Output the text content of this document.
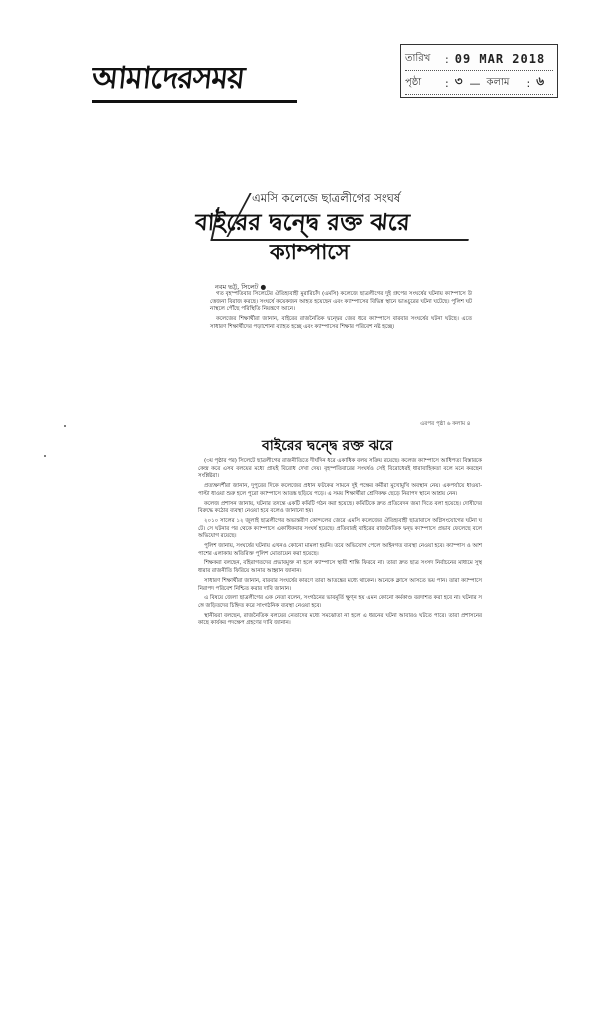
আমাদেরসময়
তারিখ	: 09 MAR 2018
পৃষ্ঠা	: ৩ — কলাম	: ৬
এমসি কলেজে ছাত্রলীগের সংঘর্ষ
বাইরের দ্বন্দ্বে রক্ত ঝরে
ক্যাম্পাসে
নবম ভট্ট, সিলেট ●

গত বৃহস্পতিবার সিলেটের ঐতিহ্যবাহী মুরারিচাঁদ (এমসি) কলেজে ছাত্রলীগের দুই গ্রুপের সংঘর্ষের ঘটনায় ক্যাম্পাসে উত্তেজনা বিরাজ করছে। সংঘর্ষে কয়েকজন আহত হয়েছেন এবং ক্যাম্পাসের বিভিন্ন স্থানে ভাঙচুরের ঘটনা ঘটেছে। পুলিশ ঘটনাস্থলে পৌঁছে পরিস্থিতি নিয়ন্ত্রণে আনে।

কলেজের শিক্ষার্থীরা জানান, বাইরের রাজনৈতিক দ্বন্দ্বের জের ধরে ক্যাম্পাসে বারবার সংঘর্ষের ঘটনা ঘটছে। এতে সাধারণ শিক্ষার্থীদের পড়াশোনা ব্যাহত হচ্ছে এবং ক্যাম্পাসের শিক্ষার পরিবেশ নষ্ট হচ্ছে।

এরপর পৃষ্ঠা ৬ কলাম ৪
বাইরের দ্বন্দ্বে রক্ত ঝরে

(৩য় পৃষ্ঠার পর) সিলেটে ছাত্রলীগের রাজনীতিতে দীর্ঘদিন ধরে একাধিক বলয় সক্রিয় রয়েছে। কলেজ ক্যাম্পাসে আধিপত্য বিস্তারকে কেন্দ্র করে এসব বলয়ের মধ্যে প্রায়ই বিরোধ দেখা দেয়। বৃহস্পতিবারের সংঘর্ষও সেই বিরোধেরই ধারাবাহিকতা বলে মনে করছেন সংশ্লিষ্টরা।

প্রত্যক্ষদর্শীরা জানান, দুপুরের দিকে কলেজের প্রধান ফটকের সামনে দুই পক্ষের কর্মীরা মুখোমুখি অবস্থান নেয়। একপর্যায়ে ধাওয়া-পাল্টা ধাওয়া শুরু হলে পুরো ক্যাম্পাসে আতঙ্ক ছড়িয়ে পড়ে। এ সময় শিক্ষার্থীরা শ্রেণিকক্ষ ছেড়ে নিরাপদ স্থানে আশ্রয় নেন।

কলেজ প্রশাসন জানায়, ঘটনার তদন্তে একটি কমিটি গঠন করা হয়েছে। কমিটিকে দ্রুত প্রতিবেদন জমা দিতে বলা হয়েছে। দোষীদের বিরুদ্ধে কঠোর ব্যবস্থা নেওয়া হবে বলেও জানানো হয়।

২০১০ সালের ১২ জুলাই ছাত্রলীগের অভ্যন্তরীণ কোন্দলের জেরে এমসি কলেজের ঐতিহ্যবাহী ছাত্রাবাসে অগ্নিসংযোগের ঘটনা ঘটে। সে ঘটনার পর থেকে ক্যাম্পাসে একাধিকবার সংঘর্ষ হয়েছে। প্রতিবারই বাইরের রাজনৈতিক দ্বন্দ্ব ক্যাম্পাসে প্রভাব ফেলেছে বলে অভিযোগ রয়েছে।

পুলিশ জানায়, সংঘর্ষের ঘটনায় এখনও কোনো মামলা হয়নি। তবে অভিযোগ পেলে আইনগত ব্যবস্থা নেওয়া হবে। ক্যাম্পাস ও আশপাশের এলাকায় অতিরিক্ত পুলিশ মোতায়েন করা হয়েছে।

শিক্ষকরা বলছেন, বহিরাগতদের প্রভাবমুক্ত না হলে ক্যাম্পাসে স্থায়ী শান্তি ফিরবে না। তারা দ্রুত ছাত্র সংসদ নির্বাচনের মাধ্যমে সুস্থ ধারার রাজনীতি ফিরিয়ে আনার আহ্বান জানান।

সাধারণ শিক্ষার্থীরা জানান, বারবার সংঘর্ষের কারণে তারা আতঙ্কের মধ্যে থাকেন। অনেকে ক্লাসে আসতে ভয় পান। তারা ক্যাম্পাসে নিরাপদ পরিবেশ নিশ্চিত করার দাবি জানান।

এ বিষয়ে জেলা ছাত্রলীগের এক নেতা বলেন, সংগঠনের ভাবমূর্তি ক্ষুণ্ন হয় এমন কোনো কর্মকাণ্ড বরদাশত করা হবে না। ঘটনার সঙ্গে জড়িতদের চিহ্নিত করে সাংগঠনিক ব্যবস্থা নেওয়া হবে।

স্থানীয়রা বলছেন, রাজনৈতিক বলয়ের নেতাদের মধ্যে সমঝোতা না হলে এ ধরনের ঘটনা আবারও ঘটতে পারে। তারা প্রশাসনের কাছে কার্যকর পদক্ষেপ গ্রহণের দাবি জানান।
